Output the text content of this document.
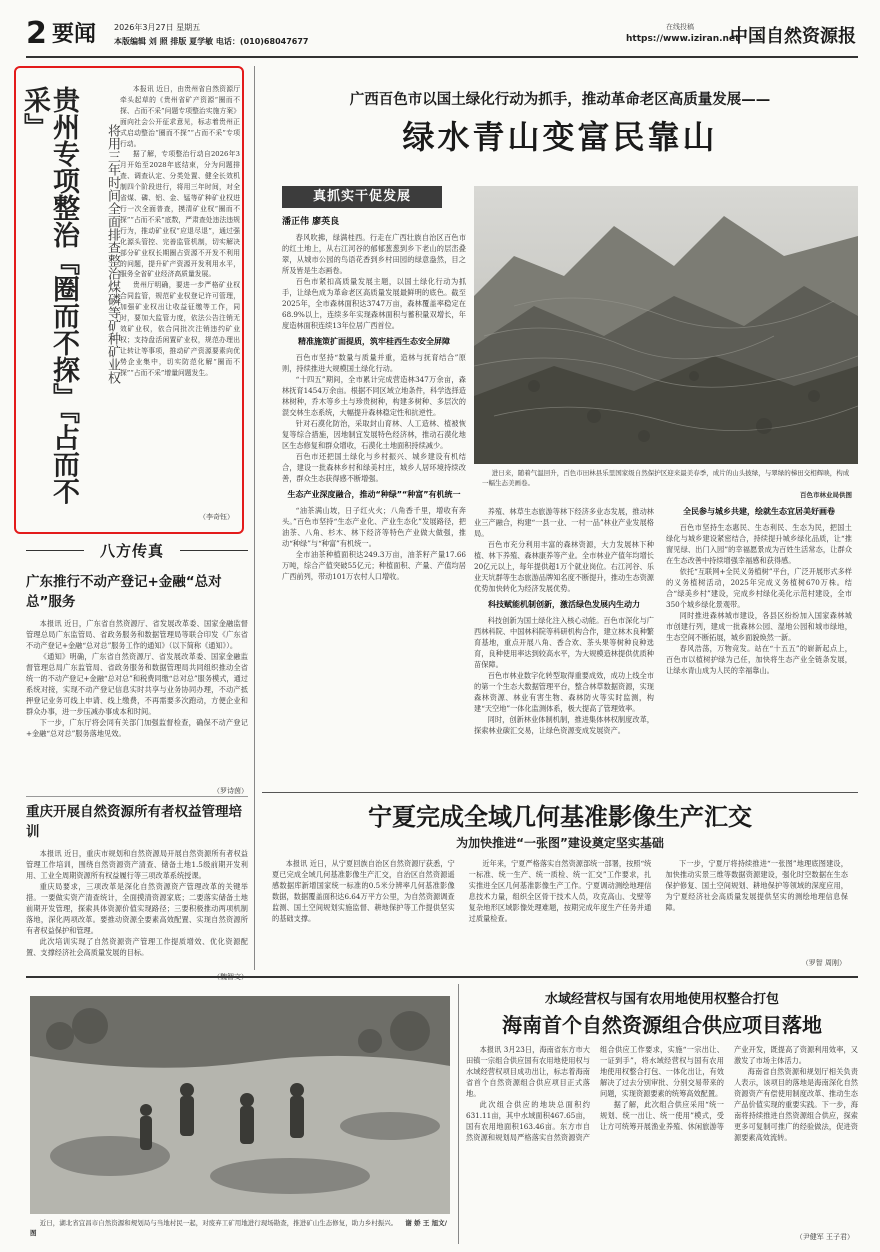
2 要闻 2026年3月27日 星期五
本版编辑 刘 照 排版 夏学敏 电话：(010)68047677
在线投稿
https://www.iziran.net
中国自然资源报
贵州专项整治『圈而不探』『占而不采』
将用三年时间全面排查整治煤磷等矿种矿业权

本报讯 近日，由贵州省自然资源厅牵头起草的《贵州省矿产资源“圈而不探、占而不采”问题专项整治实施方案》面向社会公开征求意见，标志着贵州正式启动整治“圈而不探”“占而不采”专项行动。

据了解，专项整治行动自2026年3月开始至2028年底结束，分为问题排查、调查认定、分类处置、健全长效机制四个阶段进行，将用三年时间，对全省煤、磷、铝、金、锰等矿种矿业权进行一次全面普查，摸清矿业权“圈而不探”“占而不采”底数，严肃查处违法违规行为，推动矿业权“应退尽退”，通过强化源头管控、完善监管机制，切实解决部分矿业权长期圈占资源不开发不利用的问题，提升矿产资源开发利用水平，服务全省矿业经济高质量发展。

贵州厅明确，要进一步严格矿业权合同监管，规范矿业权登记许可管理，加强矿业权出让收益征缴等工作，同时，要加大监管力度，依法公告注销无效矿业权，依合同批次注销违约矿业权；支持盘活闲置矿业权，规范办理出让转让等事项，推动矿产资源要素向优势企业集中，切实防范化解“圈而不探”“占而不采”增量问题发生。

（李奇钰）
八方传真
广东推行不动产登记+金融“总对总”服务

本报讯 近日，广东省自然资源厅、省发展改革委、国家金融监督管理总局广东监管局、省政务服务和数据管理局等联合印发《广东省不动产登记+金融“总对总”服务工作的通知》（以下简称《通知》）。

《通知》明确，广东省自然资源厅、省发展改革委、国家金融监督管理总局广东监管局、省政务服务和数据管理局共同组织推动全省统一的不动产登记+金融“总对总”和税费同缴“总对总”服务模式，通过系统对接，实现不动产登记信息实时共享与业务协同办理，不动产抵押登记业务可线上申请、线上缴费，不再需要多次跑动，方便企业和群众办事，进一步压减办事成本和时间。

下一步，广东厅将会同有关部门加强监督检查，确保不动产登记+金融“总对总”服务落地见效。

（罗诗茵）
重庆开展自然资源所有者权益管理培训

本报讯 近日，重庆市规划和自然资源局开展自然资源所有者权益管理工作培训，围绕自然资源资产清查、储备土地1.5级前期开发利用、工业全周期资源所有权益履行等三项改革系统授课。

重庆局要求，三项改革是深化自然资源资产管理改革的关键举措。一要做实资产清查统计，全面摸清资源家底；二要落实储备土地前期开发管理，探索具体资源价值实现路径；三要积极推动两项机制落地，深化两项改革。要推动资源全要素高效配置、实现自然资源所有者权益保护和管理。

此次培训实现了自然资源资产管理工作提质增效、优化资源配置、支撑经济社会高质量发展的目标。

广西百色市以国土绿化行动为抓手，推动革命老区高质量发展——
绿水青山变富民靠山
真抓实干促发展
潘正伟 廖英良

春风吹拂，绿满桂西。行走在广西壮族自治区百色市的红土地上，从右江河谷的郁郁葱葱到乡下老山的层峦叠翠，从城市公园的鸟语花香到乡村田园的绿意盎然，目之所及皆是生态画卷。

百色市紧扣高质量发展主题，以国土绿化行动为抓手，让绿色成为革命老区高质量发展最鲜明的底色。截至2025年，全市森林面积达3747万亩，森林覆盖率稳定在68.9%以上，连续多年实现森林面积与蓄积量双增长，年度造林面积连续13年位居广西首位。

精准施策扩面提质，筑牢桂西生态安全屏障

百色市坚持“数量与质量并重，造林与抚育结合”原则，持续推进大规模国土绿化行动。

“十四五”期间，全市累计完成营造林347万余亩，森林抚育1454万余亩。根据不同区域立地条件，科学选择造林树种，乔木等乡土与珍贵树种，构建多树种、多层次的混交林生态系统，大幅提升森林稳定性和抗逆性。

针对石漠化防治，采取封山育林、人工造林、植被恢复等综合措施，因地制宜发展特色经济林，推动石漠化地区生态修复和群众增收，石漠化土地面积持续减少。

百色市还把国土绿化与乡村振兴、城乡建设有机结合，建设一批森林乡村和绿美村庄，城乡人居环境持续改善，群众生态获得感不断增强。

生态产业深度融合，推动“种绿”“种富”有机统一

“油茶满山坡，日子红火火；八角香千里，增收有奔头。”百色市坚持“生态产业化、产业生态化”发展路径，把油茶、八角、杉木、林下经济等特色产业做大做强，推动“种绿”与“种富”有机统一。

全市油茶种植面积达249.3万亩，油茶籽产量17.66万吨，综合产值突破55亿元；种植面积、产量、产值均居广西前列，带动101万农村人口增收。

进日来，随着气温回升，百色市田林县乐里国家级自然保护区迎来最美春季，成片的山头披绿，与翠绿的梯田交相辉映，构成一幅生态美画卷。
百色市林业局供图

养殖、林草生态旅游等林下经济多业态发展，推动林业三产融合，构建“一县一业、一村一品”林业产业发展格局。

百色市充分利用丰富的森林资源，大力发展林下种植、林下养殖、森林康养等产业。全市林业产值年均增长20亿元以上，每年提供超1万个就业岗位。右江河谷、乐业天坑群等生态旅游品牌知名度不断提升，推动生态资源优势加快转化为经济发展优势。

科技赋能机制创新，激活绿色发展内生动力

科技创新为国土绿化注入核心动能。百色市深化与广西林科院、中国林科院等科研机构合作，建立林木良种繁育基地，重点开展八角、香合欢、茶头果等树种良种选育，良种使用率达到较高水平，为大规模造林提供优质种苗保障。

百色市林业数字化转型取得重要成效，成功上线全市的第一个生态大数据管理平台，整合林草数据资源，实现森林资源、林业有害生物、森林防火等实时监测，构建“天空地”一体化监测体系，极大提高了管理效率。

同时，创新林业体制机制，推进集体林权制度改革，探索林业碳汇交易，让绿色资源变成发展资产。

全民参与城乡共建，绘就生态宜居美好画卷

百色市坚持生态惠民、生态利民、生态为民，把国土绿化与城乡建设紧密结合，持续提升城乡绿化品质，让“推窗见绿、出门入园”的幸福愿景成为百姓生活常态，让群众在生态改善中持续增强幸福感和获得感。

依托“互联网+全民义务植树”平台，广泛开展形式多样的义务植树活动，2025年完成义务植树670万株。结合“绿美乡村”建设，完成乡村绿化美化示范村建设，全市350个城乡绿化景观带。

同时推进森林城市建设，各县区纷纷加入国家森林城市创建行列，建成一批森林公园、湿地公园和城市绿地，生态空间不断拓展，城乡面貌焕然一新。

春风浩荡，万物竞发。站在“十五五”的崭新起点上，百色市以植树护绿为己任，加快将生态产业全链条发展，让绿水青山成为人民的幸福靠山。

宁夏完成全域几何基准影像生产汇交
为加快推进“一张图”建设奠定坚实基础

本报讯 近日，从宁夏回族自治区自然资源厅获悉，宁夏已完成全域几何基准影像生产汇交，自治区自然资源遥感数据库新增国家统一标准的0.5米分辨率几何基准影像数据，数据覆盖面积达6.64万平方公里，为自然资源调查监测、国土空间规划实施监督、耕地保护等工作提供坚实的基础支撑。

近年来，宁夏严格落实自然资源部统一部署，按照“统一标准、统一生产、统一质检、统一汇交”工作要求，扎实推进全区几何基准影像生产工作。宁夏调动测绘地理信息技术力量，组织全区骨干技术人员，攻克高山、戈壁等复杂地形区域影像处理难题，按期完成年度生产任务并通过质量检查。

下一步，宁夏厅将持续推进“一张图”地理底图建设，加快推动实景三维等数据资源建设，强化时空数据在生态保护修复、国土空间规划、耕地保护等领域的深度应用，为宁夏经济社会高质量发展提供坚实的测绘地理信息保障。

（罗智 周刚）
近日，湖北省宜昌市自然资源和规划局与当地村民一起，对废弃工矿用地进行现场勘查，推进矿山生态修复，助力乡村振兴。 谢 娇 王 旭文/图
水域经营权与国有农用地使用权整合打包
海南首个自然资源组合供应项目落地

本报讯 3月23日，海南省东方市大田镇一宗组合供应国有农用地使用权与水域经营权项目成功出让，标志着海南省首个自然资源组合供应项目正式落地。

此次组合供应的地块总面积约631.11亩，其中水域面积467.65亩，国有农用地面积163.46亩。东方市自然资源和规划局严格落实自然资源资产组合供应工作要求，实施“一宗出让、一证到手”，将水域经营权与国有农用地使用权整合打包、一体化出让，有效解决了过去分别审批、分别交易带来的问题，实现资源要素的统筹高效配置。

据了解，此次组合供应采用“统一规划、统一出让、统一使用”模式，受让方可统筹开展渔业养殖、休闲旅游等产业开发，既提高了资源利用效率，又激发了市场主体活力。

海南省自然资源和规划厅相关负责人表示，该项目的落地是海南深化自然资源资产有偿使用制度改革、推动生态产品价值实现的重要实践。下一步，海南将持续推进自然资源组合供应，探索更多可复制可推广的经验做法，促进资源要素高效流转。

（尹健军 王子君）
